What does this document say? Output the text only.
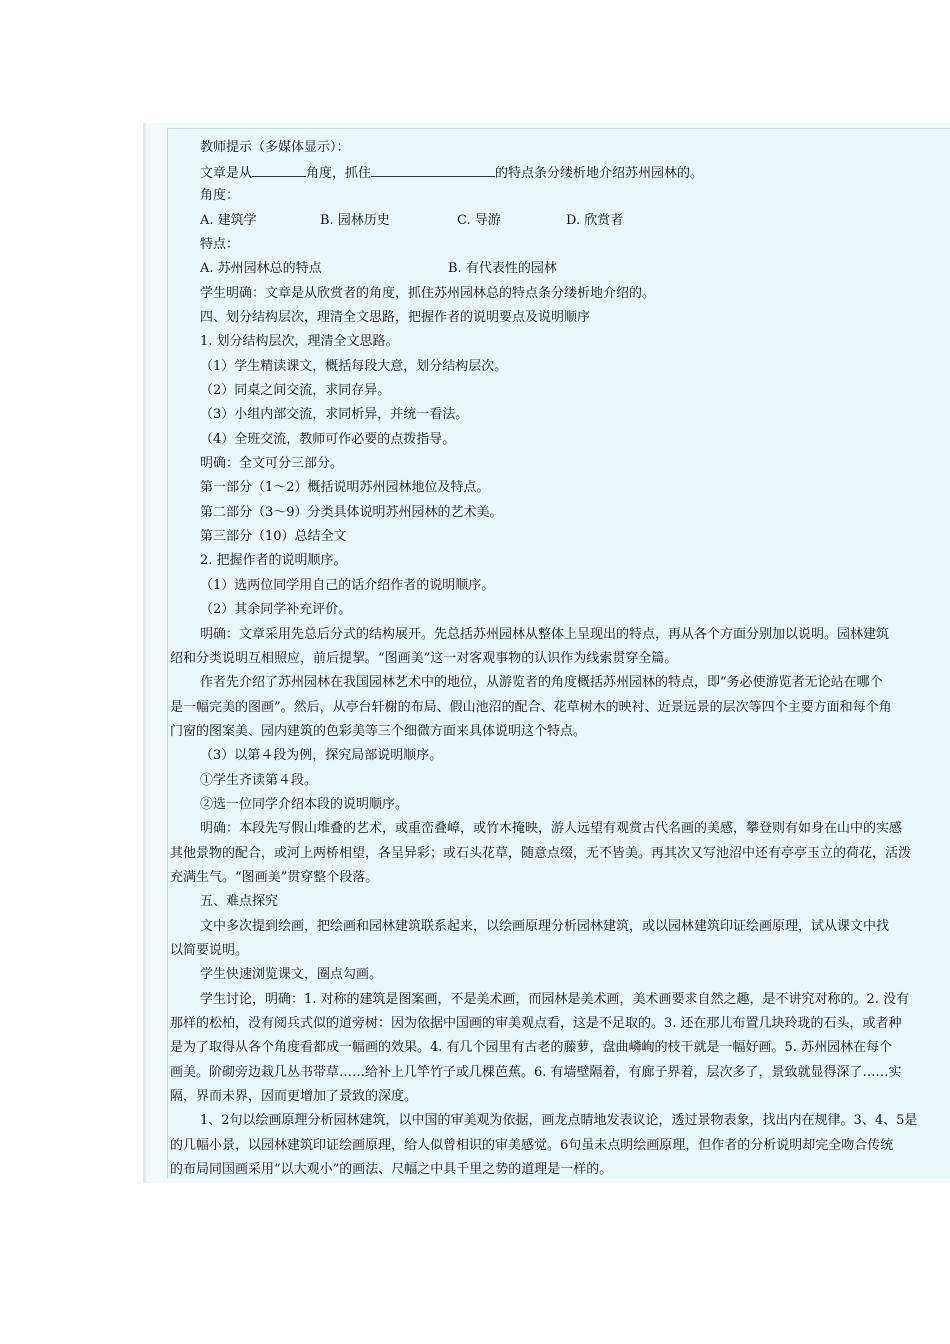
教师提示（多媒体显示）：
文章是从	角度，抓住	的特点条分缕析地介绍苏州园林的。
角度：
A. 建筑学	B. 园林历史	C. 导游	D. 欣赏者
特点：
A. 苏州园林总的特点	B. 有代表性的园林
学生明确：文章是从欣赏者的角度，抓住苏州园林总的特点条分缕析地介绍的。
四、划分结构层次，理清全文思路，把握作者的说明要点及说明顺序
1. 划分结构层次，理清全文思路。
（1）学生精读课文，概括每段大意，划分结构层次。
（2）同桌之间交流，求同存异。
（3）小组内部交流，求同析异，并统一看法。
（4）全班交流，教师可作必要的点拨指导。
明确：全文可分三部分。
第一部分（1～2）概括说明苏州园林地位及特点。
第二部分（3～9）分类具体说明苏州园林的艺术美。
第三部分（10）总结全文
2. 把握作者的说明顺序。
（1）选两位同学用自己的话介绍作者的说明顺序。
（2）其余同学补充评价。
明确：文章采用先总后分式的结构展开。先总括苏州园林从整体上呈现出的特点，再从各个方面分别加以说明。园林建筑
绍和分类说明互相照应，前后提挈。“图画美”这一对客观事物的认识作为线索贯穿全篇。
作者先介绍了苏州园林在我国园林艺术中的地位，从游览者的角度概括苏州园林的特点，即“务必使游览者无论站在哪个
是一幅完美的图画”。然后，从亭台轩榭的布局、假山池沼的配合、花草树木的映衬、近景远景的层次等四个主要方面和每个角
门窗的图案美、园内建筑的色彩美等三个细微方面来具体说明这个特点。
（3）以第４段为例，探究局部说明顺序。
①学生齐读第４段。
②选一位同学介绍本段的说明顺序。
明确：本段先写假山堆叠的艺术，或重峦叠嶂，或竹木掩映，游人远望有观赏古代名画的美感，攀登则有如身在山中的实感
其他景物的配合，或河上两桥相望，各呈异彩；或石头花草，随意点缀，无不皆美。再其次又写池沼中还有亭亭玉立的荷花，活泼
充满生气。“图画美”贯穿整个段落。
五、难点探究
文中多次提到绘画，把绘画和园林建筑联系起来，以绘画原理分析园林建筑，或以园林建筑印证绘画原理，试从课文中找
以简要说明。
学生快速浏览课文，圈点勾画。
学生讨论，明确：1. 对称的建筑是图案画，不是美术画，而园林是美术画，美术画要求自然之趣，是不讲究对称的。2. 没有
那样的松柏，没有阅兵式似的道旁树：因为依据中国画的审美观点看，这是不足取的。3. 还在那儿布置几块玲珑的石头，或者种
是为了取得从各个角度看都成一幅画的效果。4. 有几个园里有古老的藤萝，盘曲嶙峋的枝干就是一幅好画。5. 苏州园林在每个
画美。阶砌旁边栽几丛书带草……给补上几竿竹子或几棵芭蕉。6. 有墙壁隔着，有廊子界着，层次多了，景致就显得深了……实
隔，界而未界，因而更增加了景致的深度。
1、2句以绘画原理分析园林建筑，以中国的审美观为依据，画龙点睛地发表议论，透过景物表象，找出内在规律。3、4、5是
的几幅小景，以园林建筑印证绘画原理，给人似曾相识的审美感觉。6句虽未点明绘画原理，但作者的分析说明却完全吻合传统
的布局同国画采用“以大观小”的画法、尺幅之中具千里之势的道理是一样的。
